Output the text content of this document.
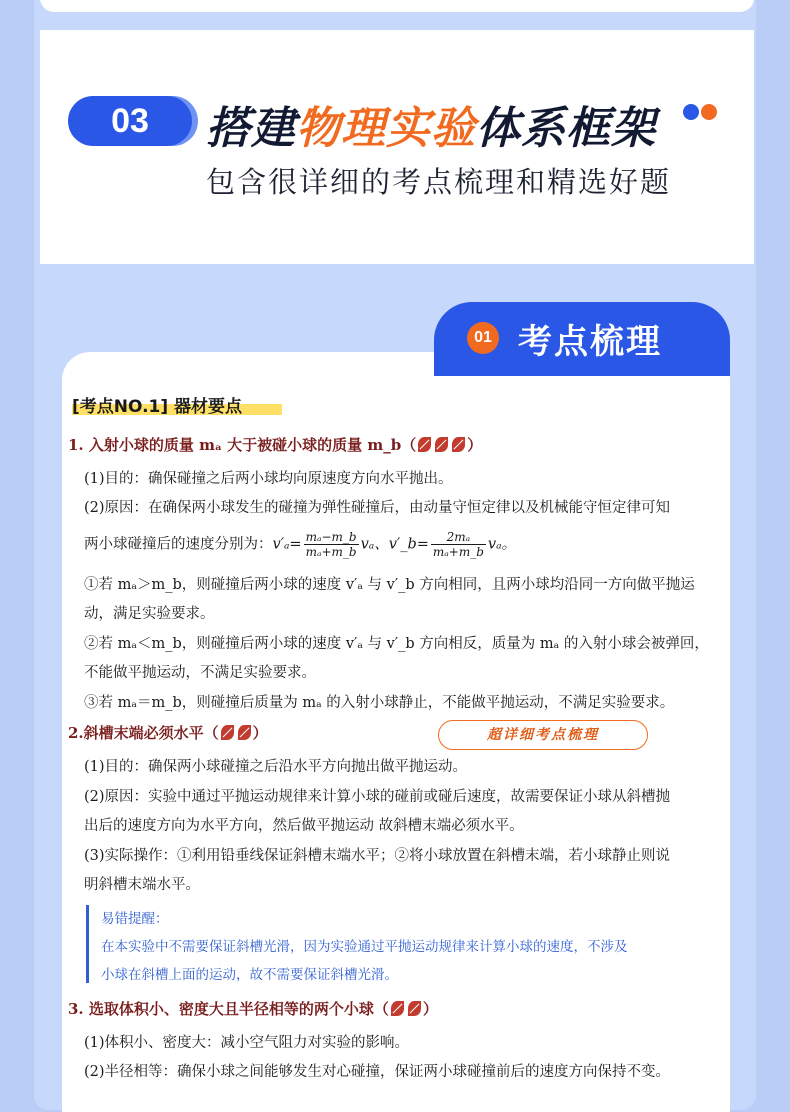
03	搭建物理实验体系框架
包含很详细的考点梳理和精选好题
01 考点梳理
[考点NO.1] 器材要点
1. 入射小球的质量 mₐ 大于被碰小球的质量 m_b（	）
(1)目的：确保碰撞之后两小球均向原速度方向水平抛出。
(2)原因：在确保两小球发生的碰撞为弹性碰撞后，由动量守恒定律以及机械能守恒定律可知
两小球碰撞后的速度分别为：$v'_a= \frac{\text{mₐ−m\_b}}{\text{mₐ+m\_b}}$ vₐ、v′_b= $\frac{\text{2mₐ}}{\text{mₐ+m\_b}}$ vₐ。
①若 mₐ＞m_b，则碰撞后两小球的速度 v′ₐ 与 v′_b 方向相同，且两小球均沿同一方向做平抛运
动，满足实验要求。
②若 mₐ＜m_b，则碰撞后两小球的速度 v′ₐ 与 v′_b 方向相反，质量为 mₐ 的入射小球会被弹回，
不能做平抛运动，不满足实验要求。
③若 mₐ＝m_b，则碰撞后质量为 mₐ 的入射小球静止，不能做平抛运动，不满足实验要求。
2.斜槽末端必须水平（ ）
(1)目的：确保两小球碰撞之后沿水平方向抛出做平抛运动。
(2)原因：实验中通过平抛运动规律来计算小球的碰前或碰后速度，故需要保证小球从斜槽抛
出后的速度方向为水平方向，然后做平抛运动 故斜槽末端必须水平。
(3)实际操作：①利用铅垂线保证斜槽末端水平；②将小球放置在斜槽末端，若小球静止则说
明斜槽末端水平。
3. 选取体积小、密度大且半径相等的两个小球（ ）
(1)体积小、密度大：减小空气阻力对实验的影响。
(2)半径相等：确保小球之间能够发生对心碰撞，保证两小球碰撞前后的速度方向保持不变。
超详细考点梳理
易错提醒：
在本实验中不需要保证斜槽光滑，因为实验通过平抛运动规律来计算小球的速度，不涉及
小球在斜槽上面的运动，故不需要保证斜槽光滑。
